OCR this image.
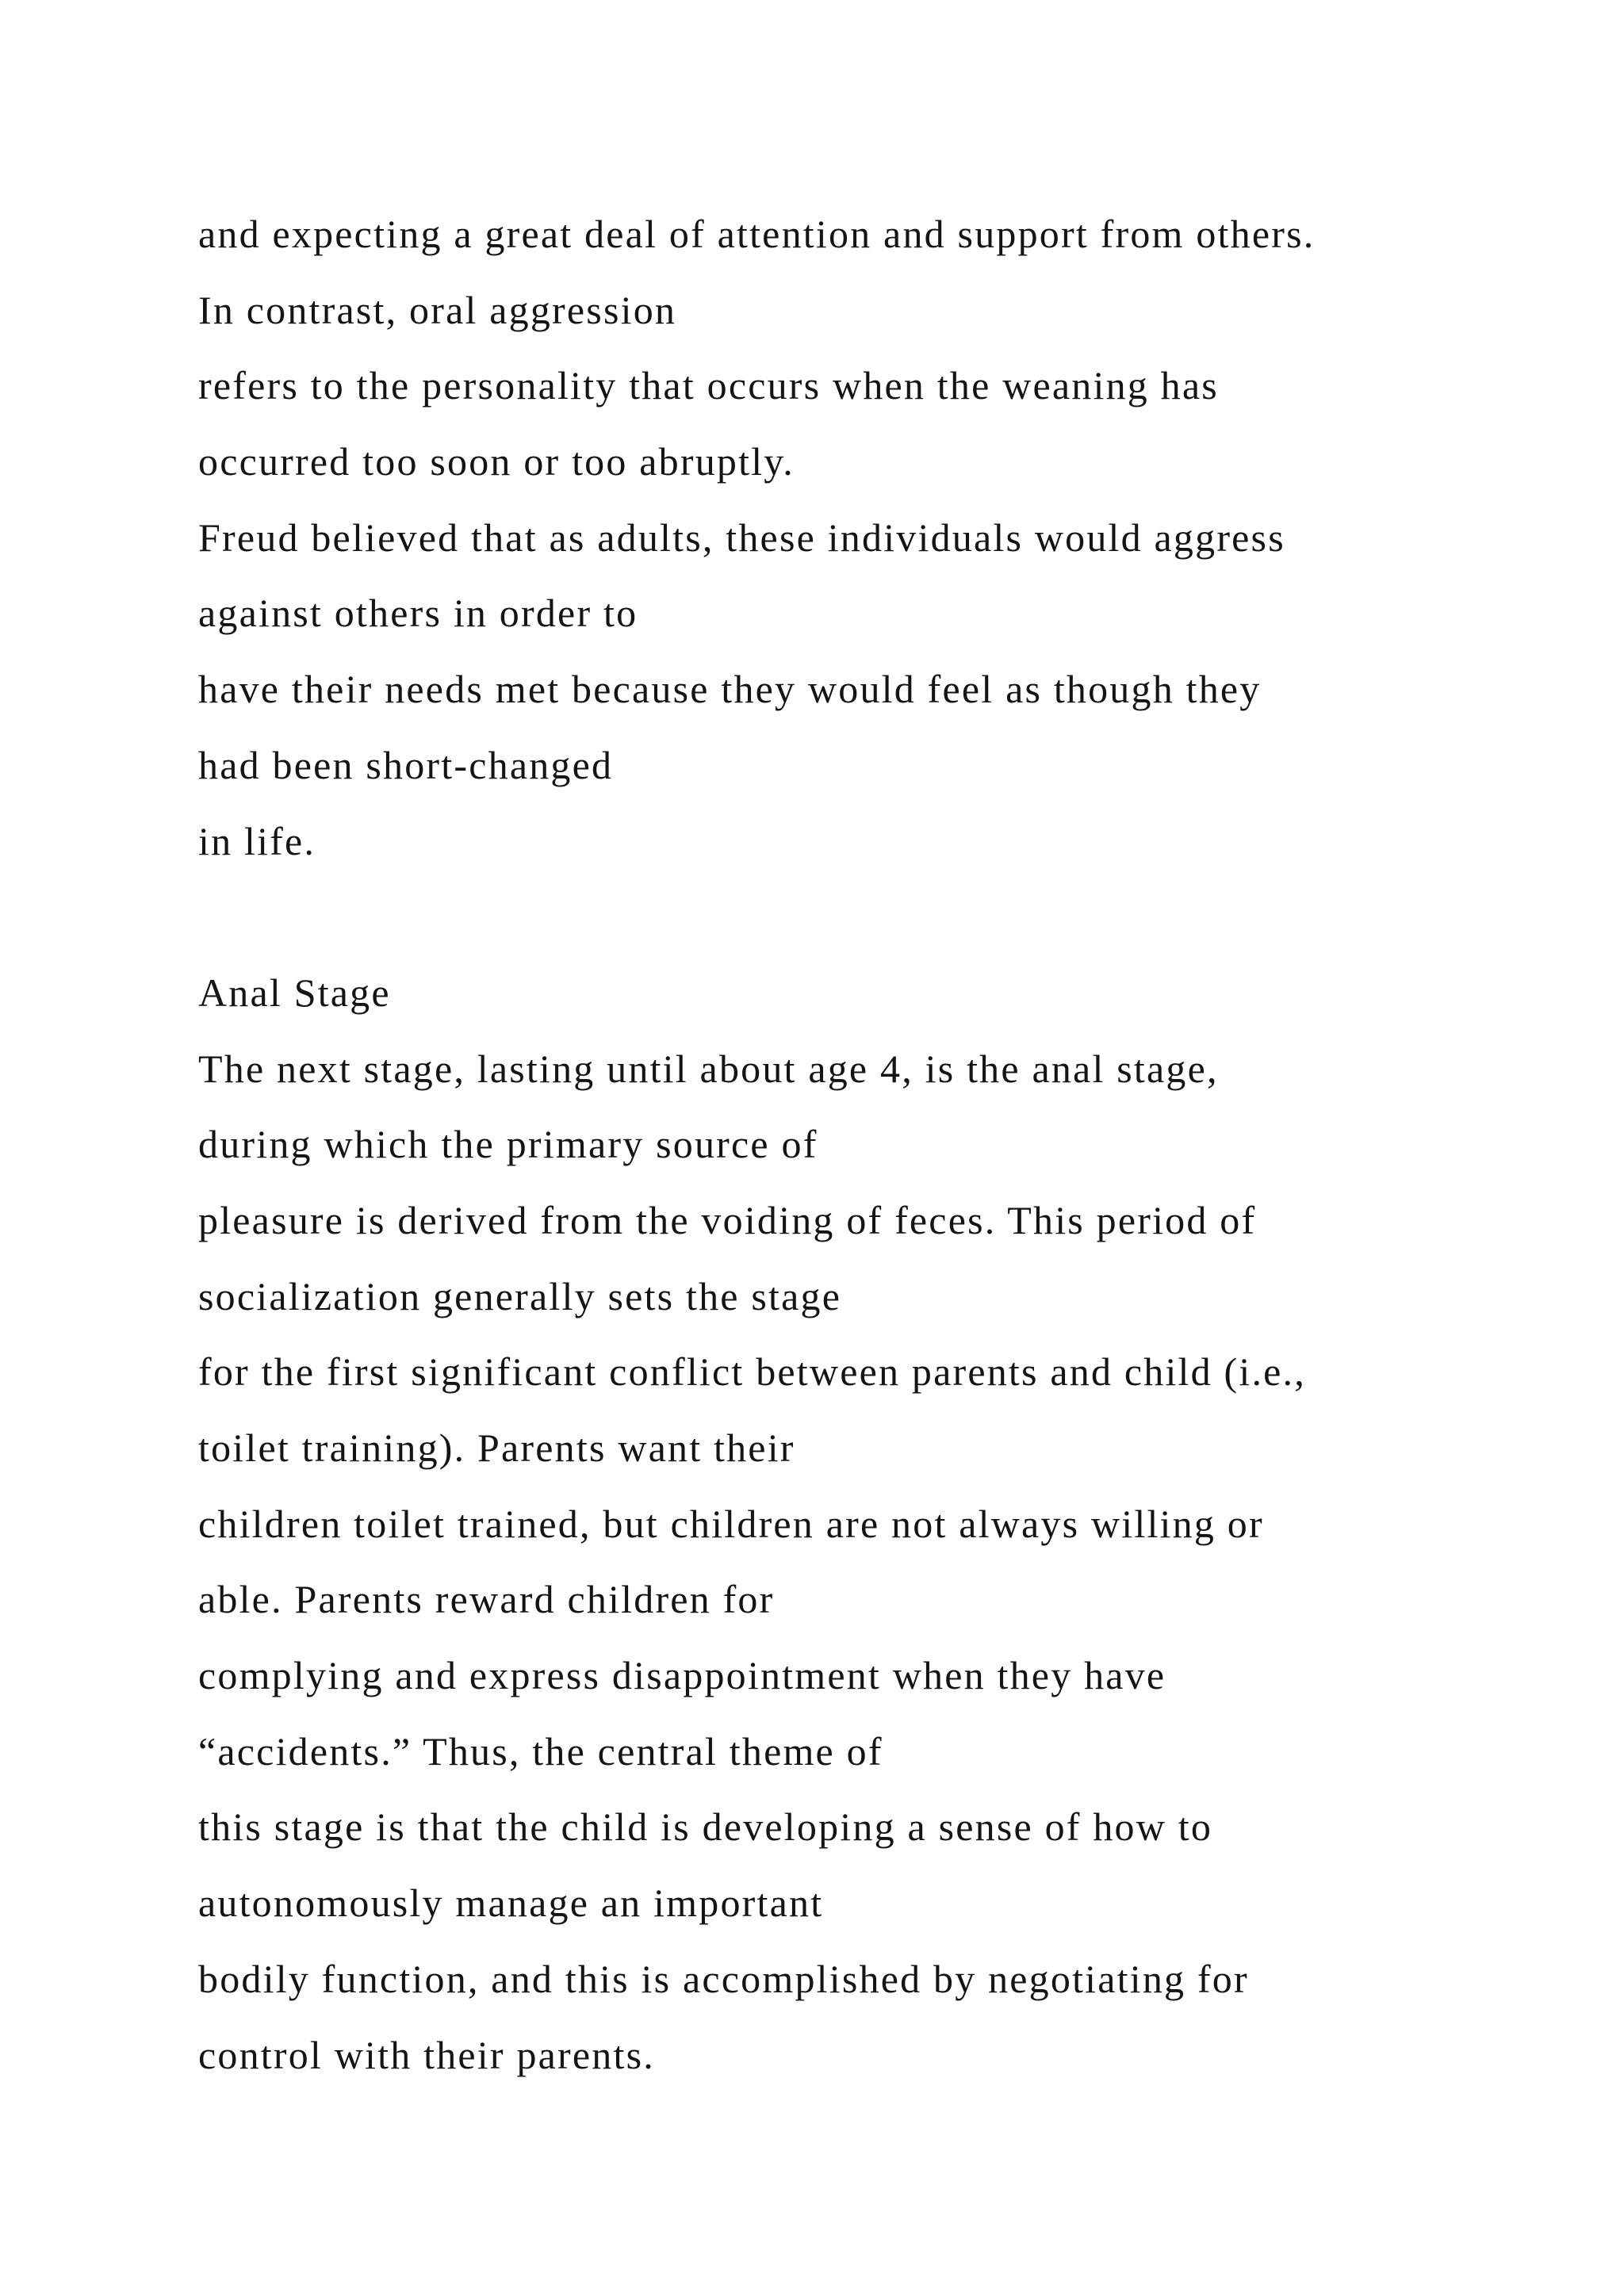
and expecting a great deal of attention and support from others.
In contrast, oral aggression
refers to the personality that occurs when the weaning has
occurred too soon or too abruptly.
Freud believed that as adults, these individuals would aggress
against others in order to
have their needs met because they would feel as though they
had been short-changed
in life.
Anal Stage
The next stage, lasting until about age 4, is the anal stage,
during which the primary source of
pleasure is derived from the voiding of feces. This period of
socialization generally sets the stage
for the first significant conflict between parents and child (i.e.,
toilet training). Parents want their
children toilet trained, but children are not always willing or
able. Parents reward children for
complying and express disappointment when they have
“accidents.” Thus, the central theme of
this stage is that the child is developing a sense of how to
autonomously manage an important
bodily function, and this is accomplished by negotiating for
control with their parents.
